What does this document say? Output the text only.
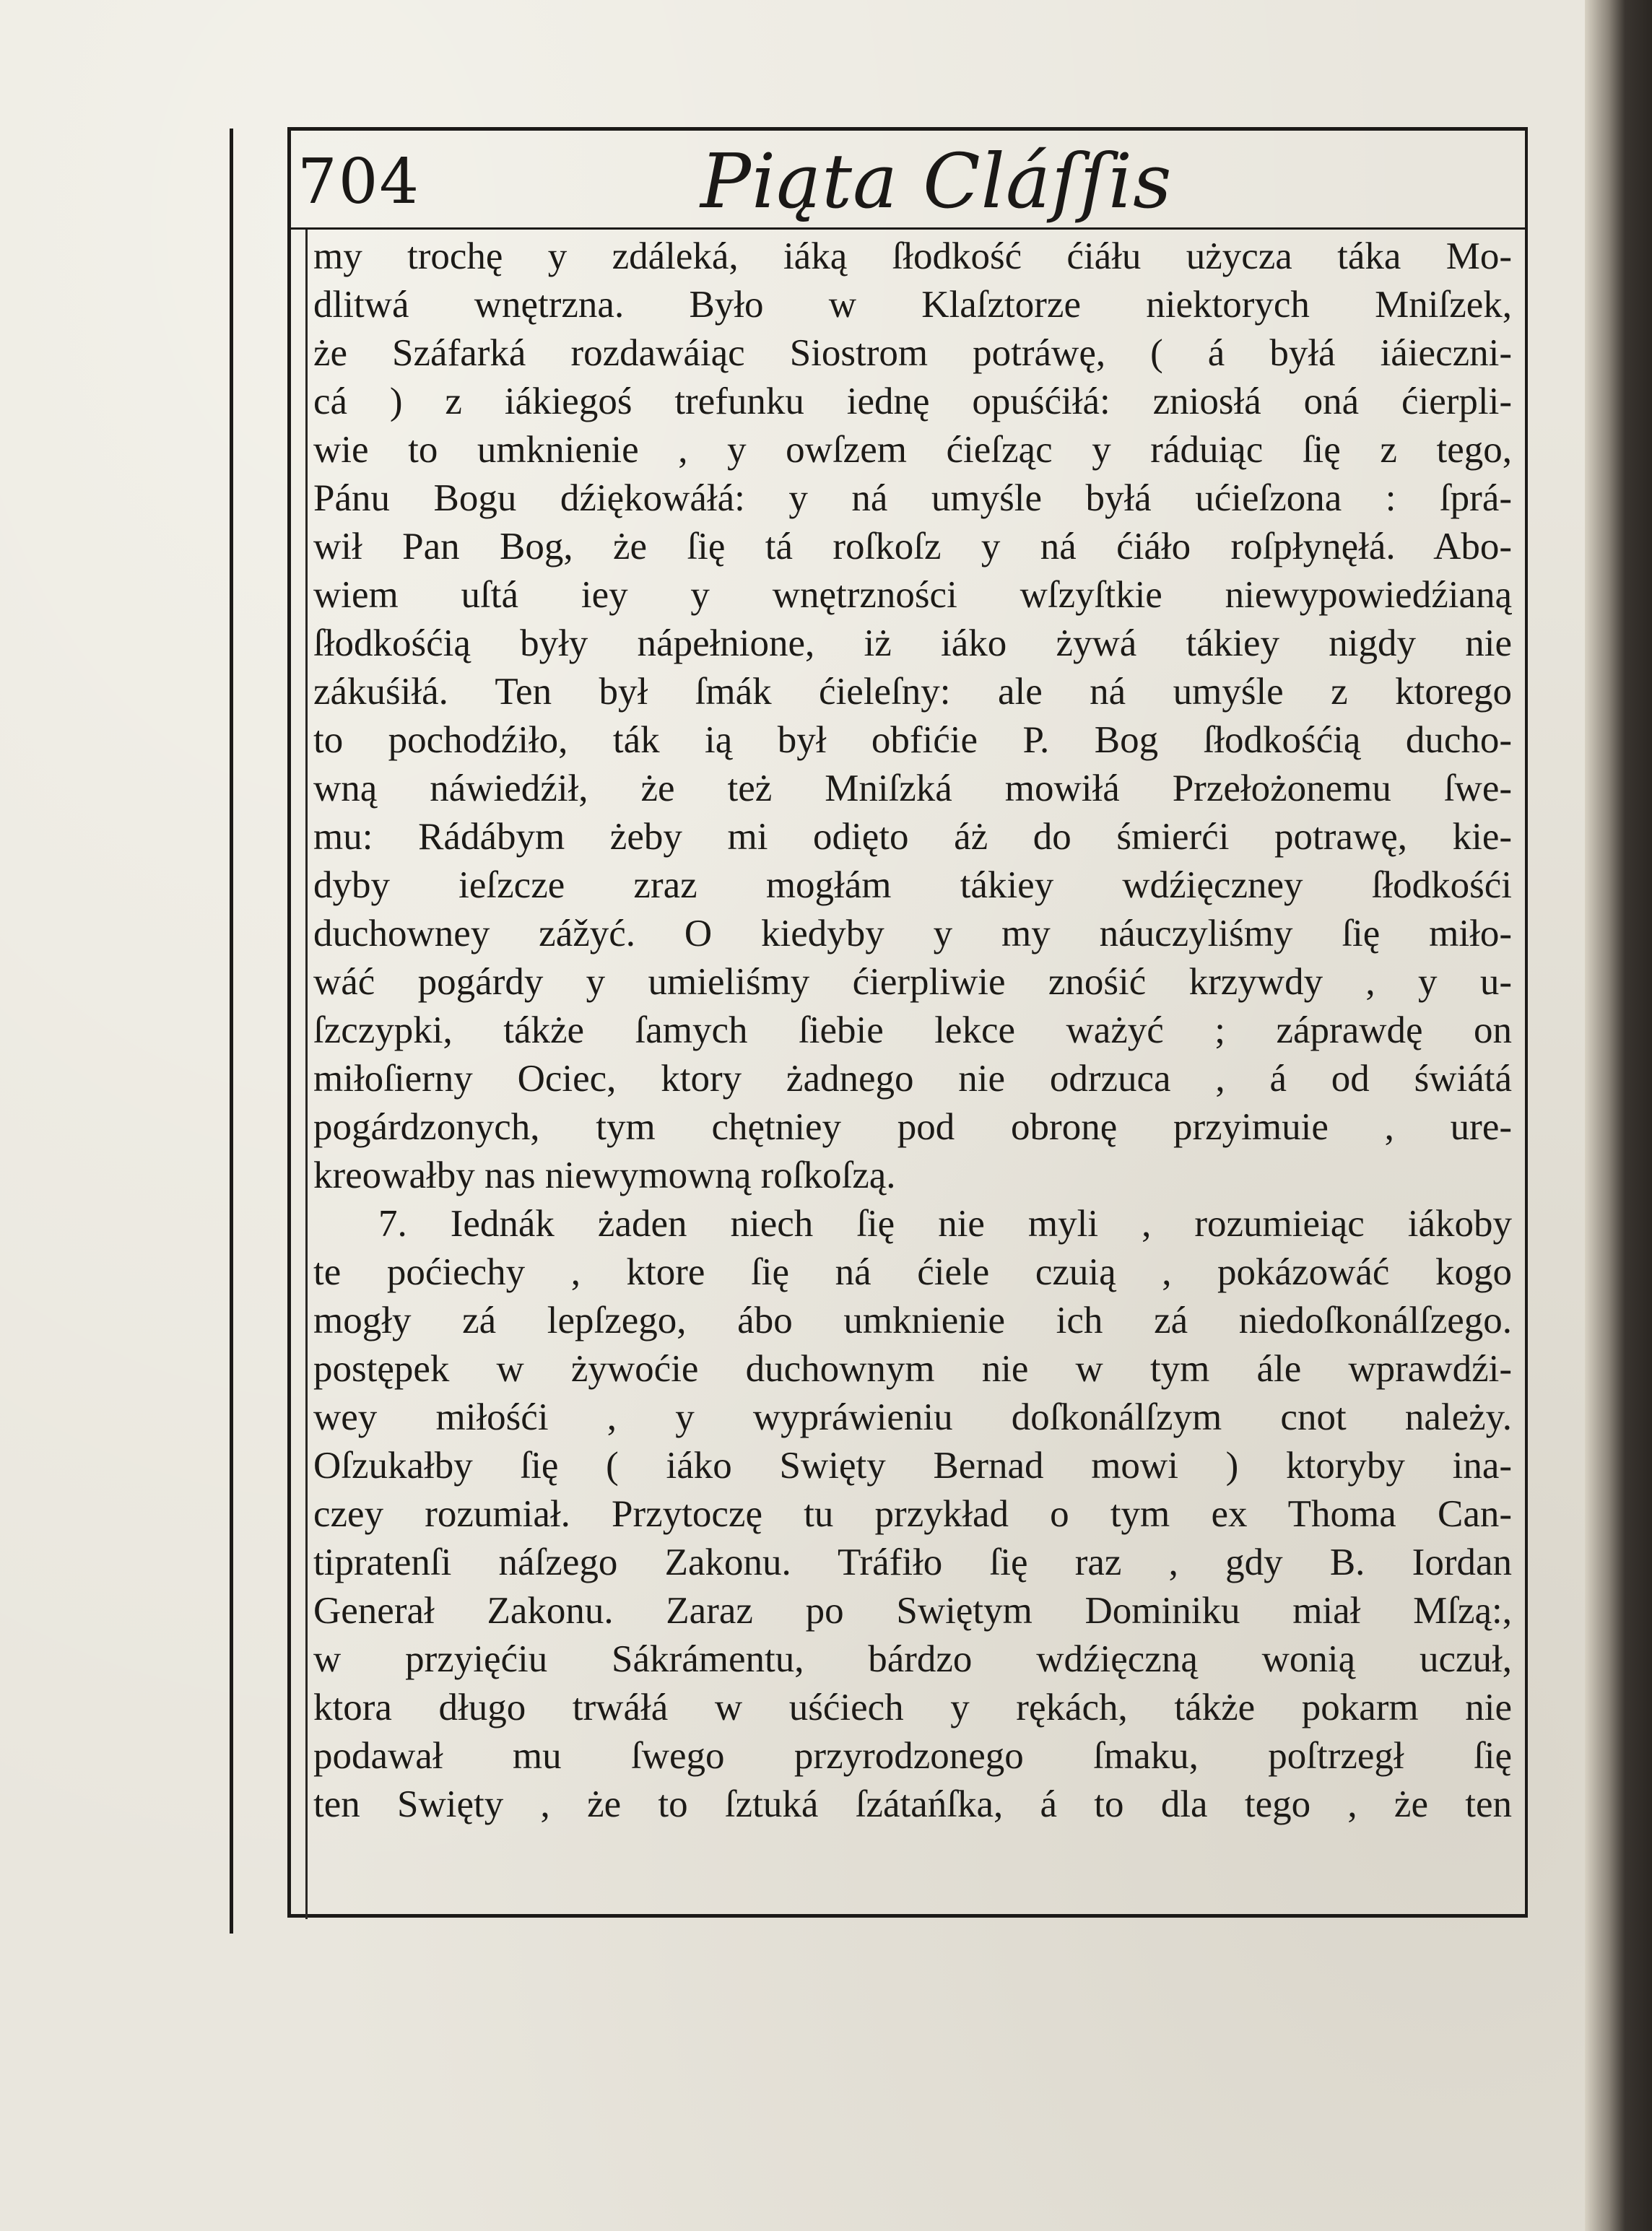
704	Piąta Cláſſis
my trochę y zdáleká, iáką ſłodkość ćiáłu użycza táka Mo-
dlitwá wnętrzna. Było w Klaſztorze niektorych Mniſzek,
że Száfarká rozdawáiąc Siostrom potráwę, ( á byłá iáieczni-
cá ) z iákiegoś trefunku iednę opuśćiłá: zniosłá oná ćierpli-
wie to umknienie , y owſzem ćieſząc y ráduiąc ſię z tego,
Pánu Bogu dźiękowáłá: y ná umyśle byłá ućieſzona : ſprá-
wił Pan Bog, że ſię tá roſkoſz y ná ćiáło roſpłynęłá. Abo-
wiem uſtá iey y wnętrzności wſzyſtkie niewypowiedźianą
ſłodkośćią były nápełnione, iż iáko żywá tákiey nigdy nie
zákuśiłá. Ten był ſmák ćieleſny: ale ná umyśle z ktorego
to pochodźiło, ták ią był obfićie P. Bog ſłodkośćią ducho-
wną náwiedźił, że też Mniſzká mowiłá Przełożonemu ſwe-
mu: Rádábym żeby mi odięto áż do śmierći potrawę, kie-
dyby ieſzcze zraz mogłám tákiey wdźięczney ſłodkośći
duchowney zážyć. O kiedyby y my náuczyliśmy ſię miło-
wáć pogárdy y umieliśmy ćierpliwie znośić krzywdy , y u-
ſzczypki, tákże ſamych ſiebie lekce ważyć ; záprawdę on
miłoſierny Ociec, ktory żadnego nie odrzuca , á od świátá
pogárdzonych, tym chętniey pod obronę przyimuie , ure-
kreowałby nas niewymowną roſkoſzą.
7. Iednák żaden niech ſię nie myli , rozumieiąc iákoby
te poćiechy , ktore ſię ná ćiele czuią , pokázowáć kogo
mogły zá lepſzego, ábo umknienie ich zá niedoſkonálſzego.
postępek w żywoćie duchownym nie w tym ále wprawdźi-
wey miłośći , y wypráwieniu doſkonálſzym cnot należy.
Oſzukałby ſię ( iáko Swięty Bernad mowi ) ktoryby ina-
czey rozumiał. Przytoczę tu przykład o tym ex Thoma Can-
tipratenſi náſzego Zakonu. Tráfiło ſię raz , gdy B. Iordan
Generał Zakonu. Zaraz po Swiętym Dominiku miał Mſzą:,
w przyięćiu Sákrámentu, bárdzo wdźięczną wonią uczuł,
ktora długo trwáłá w uśćiech y rękách, tákże pokarm nie
podawał mu ſwego przyrodzonego ſmaku, poſtrzegł ſię
ten Swięty , że to ſztuká ſzátańſka, á to dla tego , że ten
